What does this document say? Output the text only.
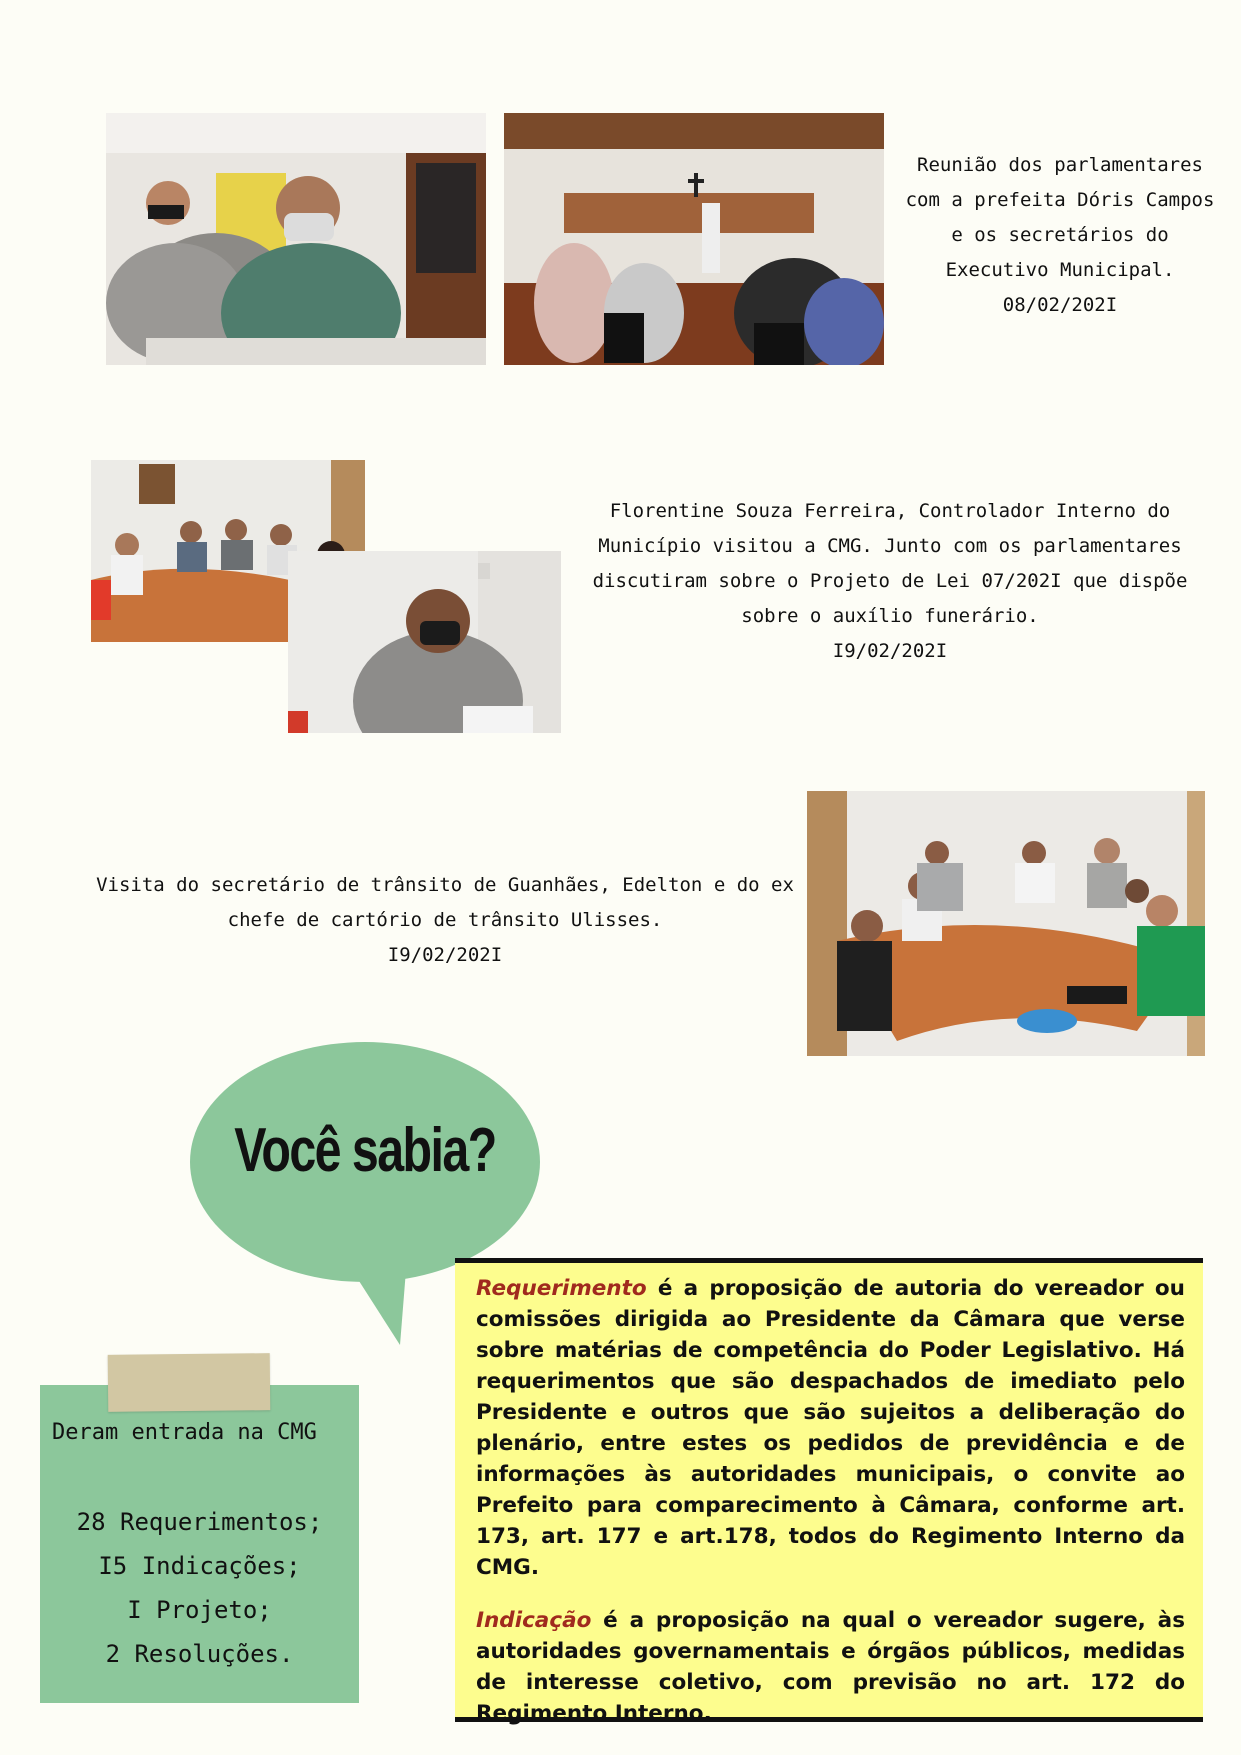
Reunião dos parlamentares
com a prefeita Dóris Campos
e os secretários do
Executivo Municipal.
08/02/202I
Florentine Souza Ferreira, Controlador Interno do
Município visitou a CMG. Junto com os parlamentares
discutiram sobre o Projeto de Lei 07/202I que dispõe
sobre o auxílio funerário.
I9/02/202I
Visita do secretário de trânsito de Guanhães, Edelton e do ex
chefe de cartório de trânsito Ulisses.
I9/02/202I
Você sabia?

Requerimento é a proposição de autoria do vereador ou comissões dirigida ao Presidente da Câmara que verse sobre matérias de competência do Poder Legislativo. Há requerimentos que são despachados de imediato pelo Presidente e outros que são sujeitos a deliberação do plenário, entre estes os pedidos de previdência e de informações às autoridades municipais, o convite ao Prefeito para comparecimento à Câmara, conforme art. 173, art. 177 e art.178, todos do Regimento Interno da CMG.

Indicação é a proposição na qual o vereador sugere, às autoridades governamentais e órgãos públicos, medidas de interesse coletivo, com previsão no art. 172 do Regimento Interno.

Deram entrada na CMG
28 Requerimentos;
I5 Indicações;
I Projeto;
2 Resoluções.
